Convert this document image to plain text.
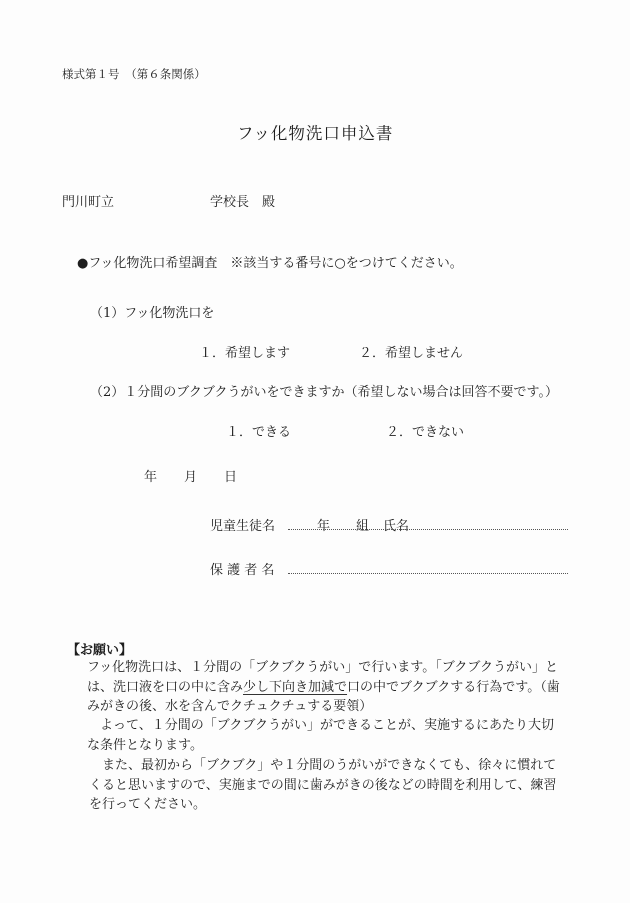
様式第１号　（第６条関係）
フッ化物洗口申込書
門川町立	学校長　殿
●フッ化物洗口希望調査　※該当する番号に○をつけてください。
（1）フッ化物洗口を
１．希望します	２．希望しません
（2）１分間のブクブクうがいをできますか（希望しない場合は回答不要です。）
１．できる	２．できない
年 月 日
児童生徒名	年 組 氏名
保 護 者 名
【お願い】
フッ化物洗口は、１分間の「ブクブクうがい」で行います。「ブクブクうがい」と
は、洗口液を口の中に含み少し下向き加減で口の中でブクブクする行為です。（歯
みがきの後、水を含んでクチュクチュする要領）
よって、１分間の「ブクブクうがい」ができることが、実施するにあたり大切
な条件となります。
また、最初から「ブクブク」や１分間のうがいができなくても、徐々に慣れて
くると思いますので、実施までの間に歯みがきの後などの時間を利用して、練習
を行ってください。
